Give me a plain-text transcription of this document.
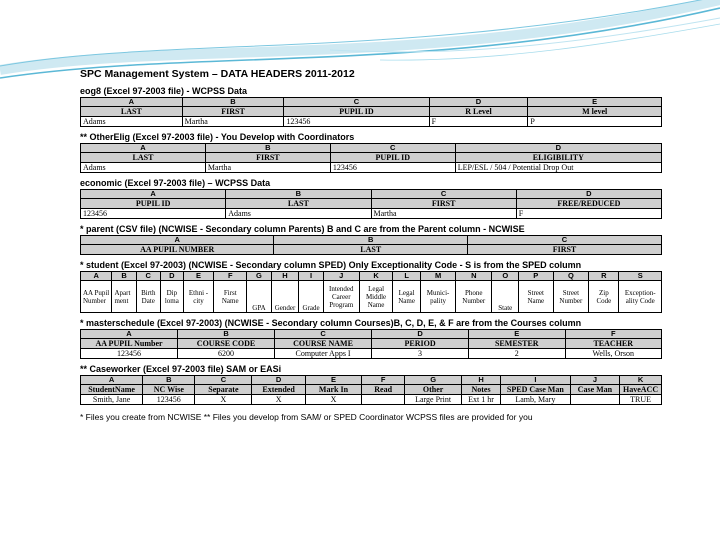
SPC Management System – DATA HEADERS 2011-2012
eog8 (Excel 97-2003 file) - WCPSS Data
A	B	C	D	E
LAST	FIRST	PUPIL ID	R Level	M level
Adams	Martha	123456	F	P
** OtherElig (Excel 97-2003 file) - You Develop with Coordinators
A	B	C	D
LAST	FIRST	PUPIL ID	ELIGIBILITY
Adams	Martha	123456	LEP/ESL / 504 / Potential Drop Out
economic (Excel 97-2003 file) – WCPSS Data
A	B	C	D
PUPIL ID	LAST	FIRST	FREE/REDUCED
123456	Adams	Martha	F
* parent (CSV file) (NCWISE - Secondary column Parents) B and C are from the Parent column - NCWISE
A	B	C
AA PUPIL NUMBER	LAST	FIRST
* student (Excel 97-2003) (NCWISE - Secondary column SPED) Only Exceptionality Code - S is from the SPED column
A	B	C	D	E	F	G	H	I	J	K	L	M	N	O	P	Q	R	S
AA Pupil Number	Apart ment	Birth Date	Dip loma	Ethni -city	First Name	GPA	Gender	Grade	Intended Career Program	Legal Middle Name	Legal Name	Munici- pality	Phone Number	State	Street Name	Street Number	Zip Code	Exception- ality Code
* masterschedule (Excel 97-2003) (NCWISE - Secondary column Courses)B, C, D, E, & F are from the Courses column
A	B	C	D	E	F
AA PUPIL Number	COURSE CODE	COURSE NAME	PERIOD	SEMESTER	TEACHER
123456	6200	Computer Apps I	3	2	Wells, Orson
** Caseworker (Excel 97-2003 file) SAM or EASi
A	B	C	D	E	F	G	H	I	J	K
StudentName	NC Wise	Separate	Extended	Mark In	Read	Other	Notes	SPED Case Man	Case Man	HaveACC
Smith, Jane	123456	X	X	X		Large Print	Ext 1 hr	Lamb, Mary		TRUE
* Files you create from NCWISE ** Files you develop from SAM/ or SPED Coordinator WCPSS files are provided for you
